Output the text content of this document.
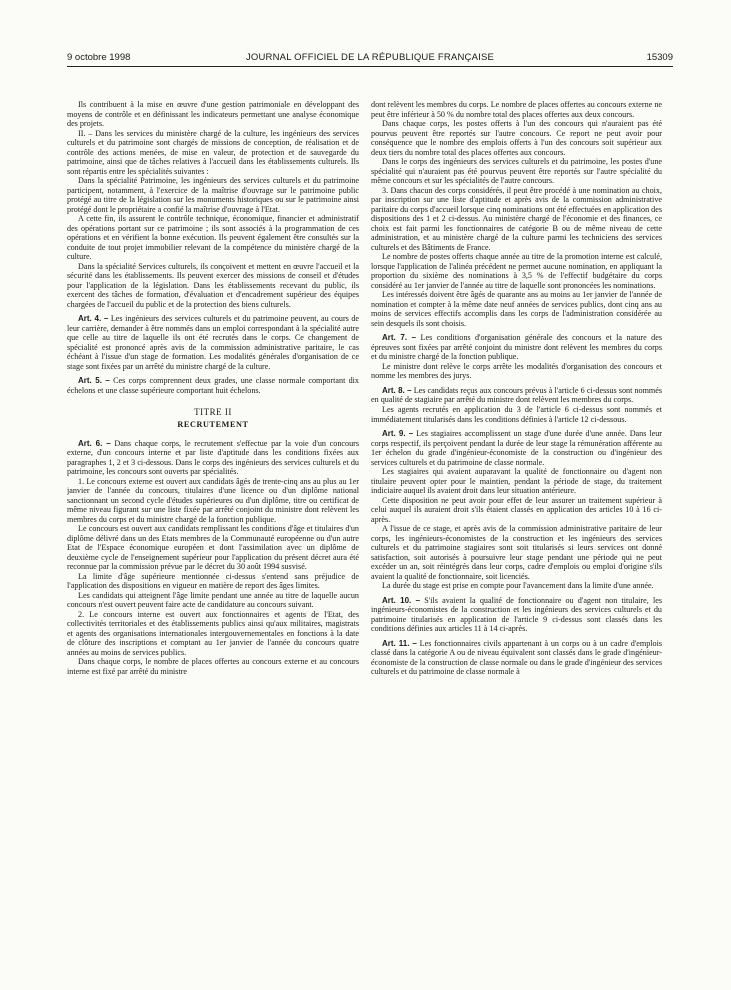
9 octobre 1998	JOURNAL OFFICIEL DE LA RÉPUBLIQUE FRANÇAISE	15309

Ils contribuent à la mise en œuvre d'une gestion patrimoniale en développant des moyens de contrôle et en définissant les indicateurs permettant une analyse économique des projets.

II. – Dans les services du ministère chargé de la culture, les ingénieurs des services culturels et du patrimoine sont chargés de missions de conception, de réalisation et de contrôle des actions menées, de mise en valeur, de protection et de sauvegarde du patrimoine, ainsi que de tâches relatives à l'accueil dans les établissements culturels. Ils sont répartis entre les spécialités suivantes :

Dans la spécialité Patrimoine, les ingénieurs des services culturels et du patrimoine participent, notamment, à l'exercice de la maîtrise d'ouvrage sur le patrimoine public protégé au titre de la législation sur les monuments historiques ou sur le patrimoine ainsi protégé dont le propriétaire a confié la maîtrise d'ouvrage à l'Etat.

A cette fin, ils assurent le contrôle technique, économique, financier et administratif des opérations portant sur ce patrimoine ; ils sont associés à la programmation de ces opérations et en vérifient la bonne exécution. Ils peuvent également être consultés sur la conduite de tout projet immobilier relevant de la compétence du ministère chargé de la culture.

Dans la spécialité Services culturels, ils conçoivent et mettent en œuvre l'accueil et la sécurité dans les établissements. Ils peuvent exercer des missions de conseil et d'études pour l'application de la législation. Dans les établissements recevant du public, ils exercent des tâches de formation, d'évaluation et d'encadrement supérieur des équipes chargées de l'accueil du public et de la protection des biens culturels.

Art. 4. – Les ingénieurs des services culturels et du patrimoine peuvent, au cours de leur carrière, demander à être nommés dans un emploi correspondant à la spécialité autre que celle au titre de laquelle ils ont été recrutés dans le corps. Ce changement de spécialité est prononcé après avis de la commission administrative paritaire, le cas échéant à l'issue d'un stage de formation. Les modalités générales d'organisation de ce stage sont fixées par un arrêté du ministre chargé de la culture.

Art. 5. – Ces corps comprennent deux grades, une classe normale comportant dix échelons et une classe supérieure comportant huit échelons.

TITRE II

RECRUTEMENT

Art. 6. – Dans chaque corps, le recrutement s'effectue par la voie d'un concours externe, d'un concours interne et par liste d'aptitude dans les conditions fixées aux paragraphes 1, 2 et 3 ci-dessous. Dans le corps des ingénieurs des services culturels et du patrimoine, les concours sont ouverts par spécialités.

1. Le concours externe est ouvert aux candidats âgés de trente-cinq ans au plus au 1er janvier de l'année du concours, titulaires d'une licence ou d'un diplôme national sanctionnant un second cycle d'études supérieures ou d'un diplôme, titre ou certificat de même niveau figurant sur une liste fixée par arrêté conjoint du ministre dont relèvent les membres du corps et du ministre chargé de la fonction publique.

Le concours est ouvert aux candidats remplissant les conditions d'âge et titulaires d'un diplôme délivré dans un des Etats membres de la Communauté européenne ou d'un autre Etat de l'Espace économique européen et dont l'assimilation avec un diplôme de deuxième cycle de l'enseignement supérieur pour l'application du présent décret aura été reconnue par la commission prévue par le décret du 30 août 1994 susvisé.

La limite d'âge supérieure mentionnée ci-dessus s'entend sans préjudice de l'application des dispositions en vigueur en matière de report des âges limites.

Les candidats qui atteignent l'âge limite pendant une année au titre de laquelle aucun concours n'est ouvert peuvent faire acte de candidature au concours suivant.

2. Le concours interne est ouvert aux fonctionnaires et agents de l'Etat, des collectivités territoriales et des établissements publics ainsi qu'aux militaires, magistrats et agents des organisations internationales intergouvernementales en fonctions à la date de clôture des inscriptions et comptant au 1er janvier de l'année du concours quatre années au moins de services publics.

Dans chaque corps, le nombre de places offertes au concours externe et au concours interne est fixé par arrêté du ministre

dont relèvent les membres du corps. Le nombre de places offertes au concours externe ne peut être inférieur à 50 % du nombre total des places offertes aux deux concours.

Dans chaque corps, les postes offerts à l'un des concours qui n'auraient pas été pourvus peuvent être reportés sur l'autre concours. Ce report ne peut avoir pour conséquence que le nombre des emplois offerts à l'un des concours soit supérieur aux deux tiers du nombre total des places offertes aux concours.

Dans le corps des ingénieurs des services culturels et du patrimoine, les postes d'une spécialité qui n'auraient pas été pourvus peuvent être reportés sur l'autre spécialité du même concours et sur les spécialités de l'autre concours.

3. Dans chacun des corps considérés, il peut être procédé à une nomination au choix, par inscription sur une liste d'aptitude et après avis de la commission administrative paritaire du corps d'accueil lorsque cinq nominations ont été effectuées en application des dispositions des 1 et 2 ci-dessus. Au ministère chargé de l'économie et des finances, ce choix est fait parmi les fonctionnaires de catégorie B ou de même niveau de cette administration, et au ministère chargé de la culture parmi les techniciens des services culturels et des Bâtiments de France.

Le nombre de postes offerts chaque année au titre de la promotion interne est calculé, lorsque l'application de l'alinéa précédent ne permet aucune nomination, en appliquant la proportion du sixième des nominations à 3,5 % de l'effectif budgétaire du corps considéré au 1er janvier de l'année au titre de laquelle sont prononcées les nominations.

Les intéressés doivent être âgés de quarante ans au moins au 1er janvier de l'année de nomination et compter à la même date neuf années de services publics, dont cinq ans au moins de services effectifs accomplis dans les corps de l'administration considérée au sein desquels ils sont choisis.

Art. 7. – Les conditions d'organisation générale des concours et la nature des épreuves sont fixées par arrêté conjoint du ministre dont relèvent les membres du corps et du ministre chargé de la fonction publique.

Le ministre dont relève le corps arrête les modalités d'organisation des concours et nomme les membres des jurys.

Art. 8. – Les candidats reçus aux concours prévus à l'article 6 ci-dessus sont nommés en qualité de stagiaire par arrêté du ministre dont relèvent les membres du corps.

Les agents recrutés en application du 3 de l'article 6 ci-dessus sont nommés et immédiatement titularisés dans les conditions définies à l'article 12 ci-dessous.

Art. 9. – Les stagiaires accomplissent un stage d'une durée d'une année. Dans leur corps respectif, ils perçoivent pendant la durée de leur stage la rémunération afférente au 1er échelon du grade d'ingénieur-économiste de la construction ou d'ingénieur des services culturels et du patrimoine de classe normale.

Les stagiaires qui avaient auparavant la qualité de fonctionnaire ou d'agent non titulaire peuvent opter pour le maintien, pendant la période de stage, du traitement indiciaire auquel ils avaient droit dans leur situation antérieure.

Cette disposition ne peut avoir pour effet de leur assurer un traitement supérieur à celui auquel ils auraient droit s'ils étaient classés en application des articles 10 à 16 ci-après.

A l'issue de ce stage, et après avis de la commission administrative paritaire de leur corps, les ingénieurs-économistes de la construction et les ingénieurs des services culturels et du patrimoine stagiaires sont soit titularisés si leurs services ont donné satisfaction, soit autorisés à poursuivre leur stage pendant une période qui ne peut excéder un an, soit réintégrés dans leur corps, cadre d'emplois ou emploi d'origine s'ils avaient la qualité de fonctionnaire, soit licenciés.

La durée du stage est prise en compte pour l'avancement dans la limite d'une année.

Art. 10. – S'ils avaient la qualité de fonctionnaire ou d'agent non titulaire, les ingénieurs-économistes de la construction et les ingénieurs des services culturels et du patrimoine titularisés en application de l'article 9 ci-dessus sont classés dans les conditions définies aux articles 11 à 14 ci-après.

Art. 11. – Les fonctionnaires civils appartenant à un corps ou à un cadre d'emplois classé dans la catégorie A ou de niveau équivalent sont classés dans le grade d'ingénieur-économiste de la construction de classe normale ou dans le grade d'ingénieur des services culturels et du patrimoine de classe normale à
